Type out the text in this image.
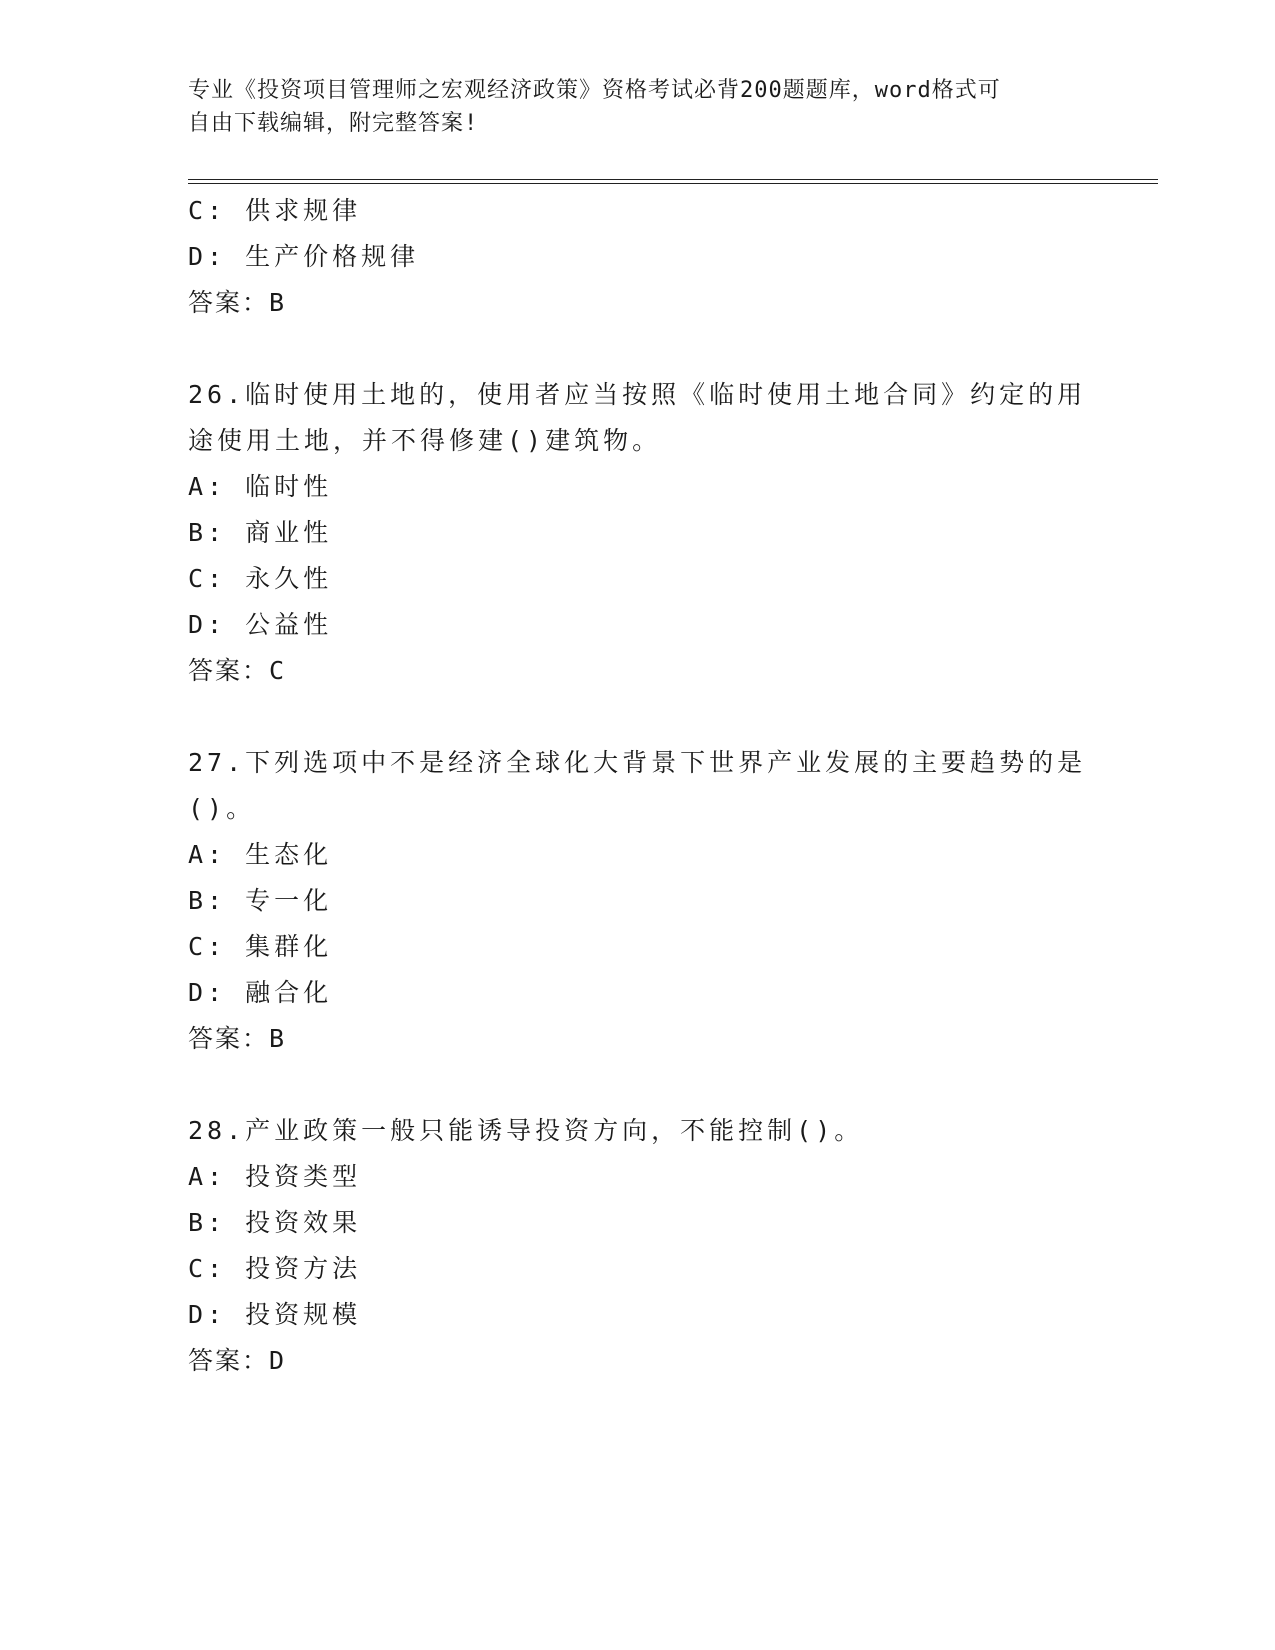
专业《投资项目管理师之宏观经济政策》资格考试必背200题题库，word格式可
自由下载编辑，附完整答案!
C: 供求规律
D: 生产价格规律
答案：B
26.临时使用土地的，使用者应当按照《临时使用土地合同》约定的用
途使用土地，并不得修建()建筑物。
A: 临时性
B: 商业性
C: 永久性
D: 公益性
答案：C
27.下列选项中不是经济全球化大背景下世界产业发展的主要趋势的是
()。
A: 生态化
B: 专一化
C: 集群化
D: 融合化
答案：B
28.产业政策一般只能诱导投资方向，不能控制()。
A: 投资类型
B: 投资效果
C: 投资方法
D: 投资规模
答案：D
